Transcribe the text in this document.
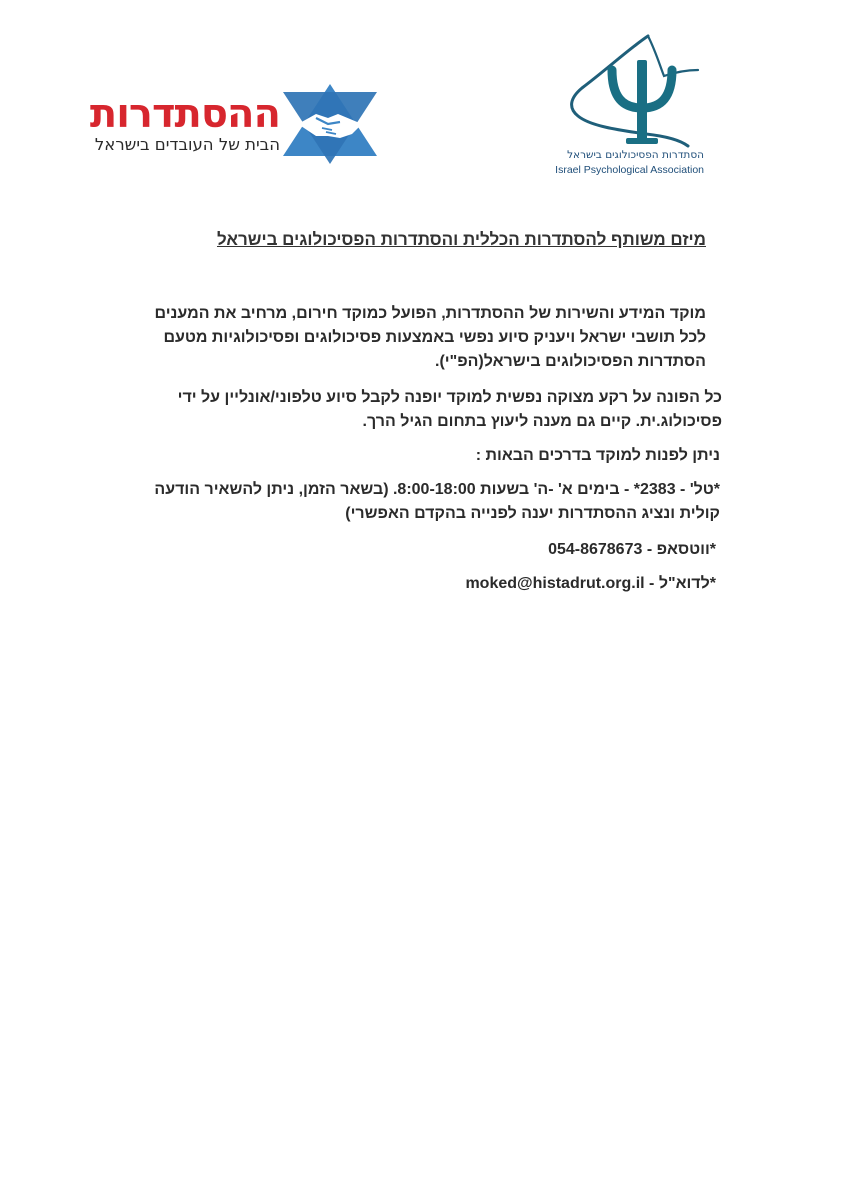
ההסתדרות
הבית של העובדים בישראל
הסתדרות הפסיכולוגים בישראל
Israel Psychological Association
מיזם משותף להסתדרות הכללית והסתדרות הפסיכולוגים בישראל

מוקד המידע והשירות של ההסתדרות, הפועל כמוקד חירום, מרחיב את המענים לכל תושבי ישראל ויעניק סיוע נפשי באמצעות פסיכולוגים ופסיכולוגיות מטעם הסתדרות הפסיכולוגים בישראל(הפ"י).

כל הפונה על רקע מצוקה נפשית למוקד יופנה לקבל סיוע טלפוני/אונליין על ידי פסיכולוג.ית. קיים גם מענה ליעוץ בתחום הגיל הרך.

ניתן לפנות למוקד בדרכים הבאות :

*טל' - 2383* - בימים א' -ה' בשעות 8:00-18:00. (בשאר הזמן, ניתן להשאיר הודעה קולית ונציג ההסתדרות יענה לפנייה בהקדם האפשרי)

*ווטסאפ - 054-8678673
*לדוא"ל - moked@histadrut.org.il
